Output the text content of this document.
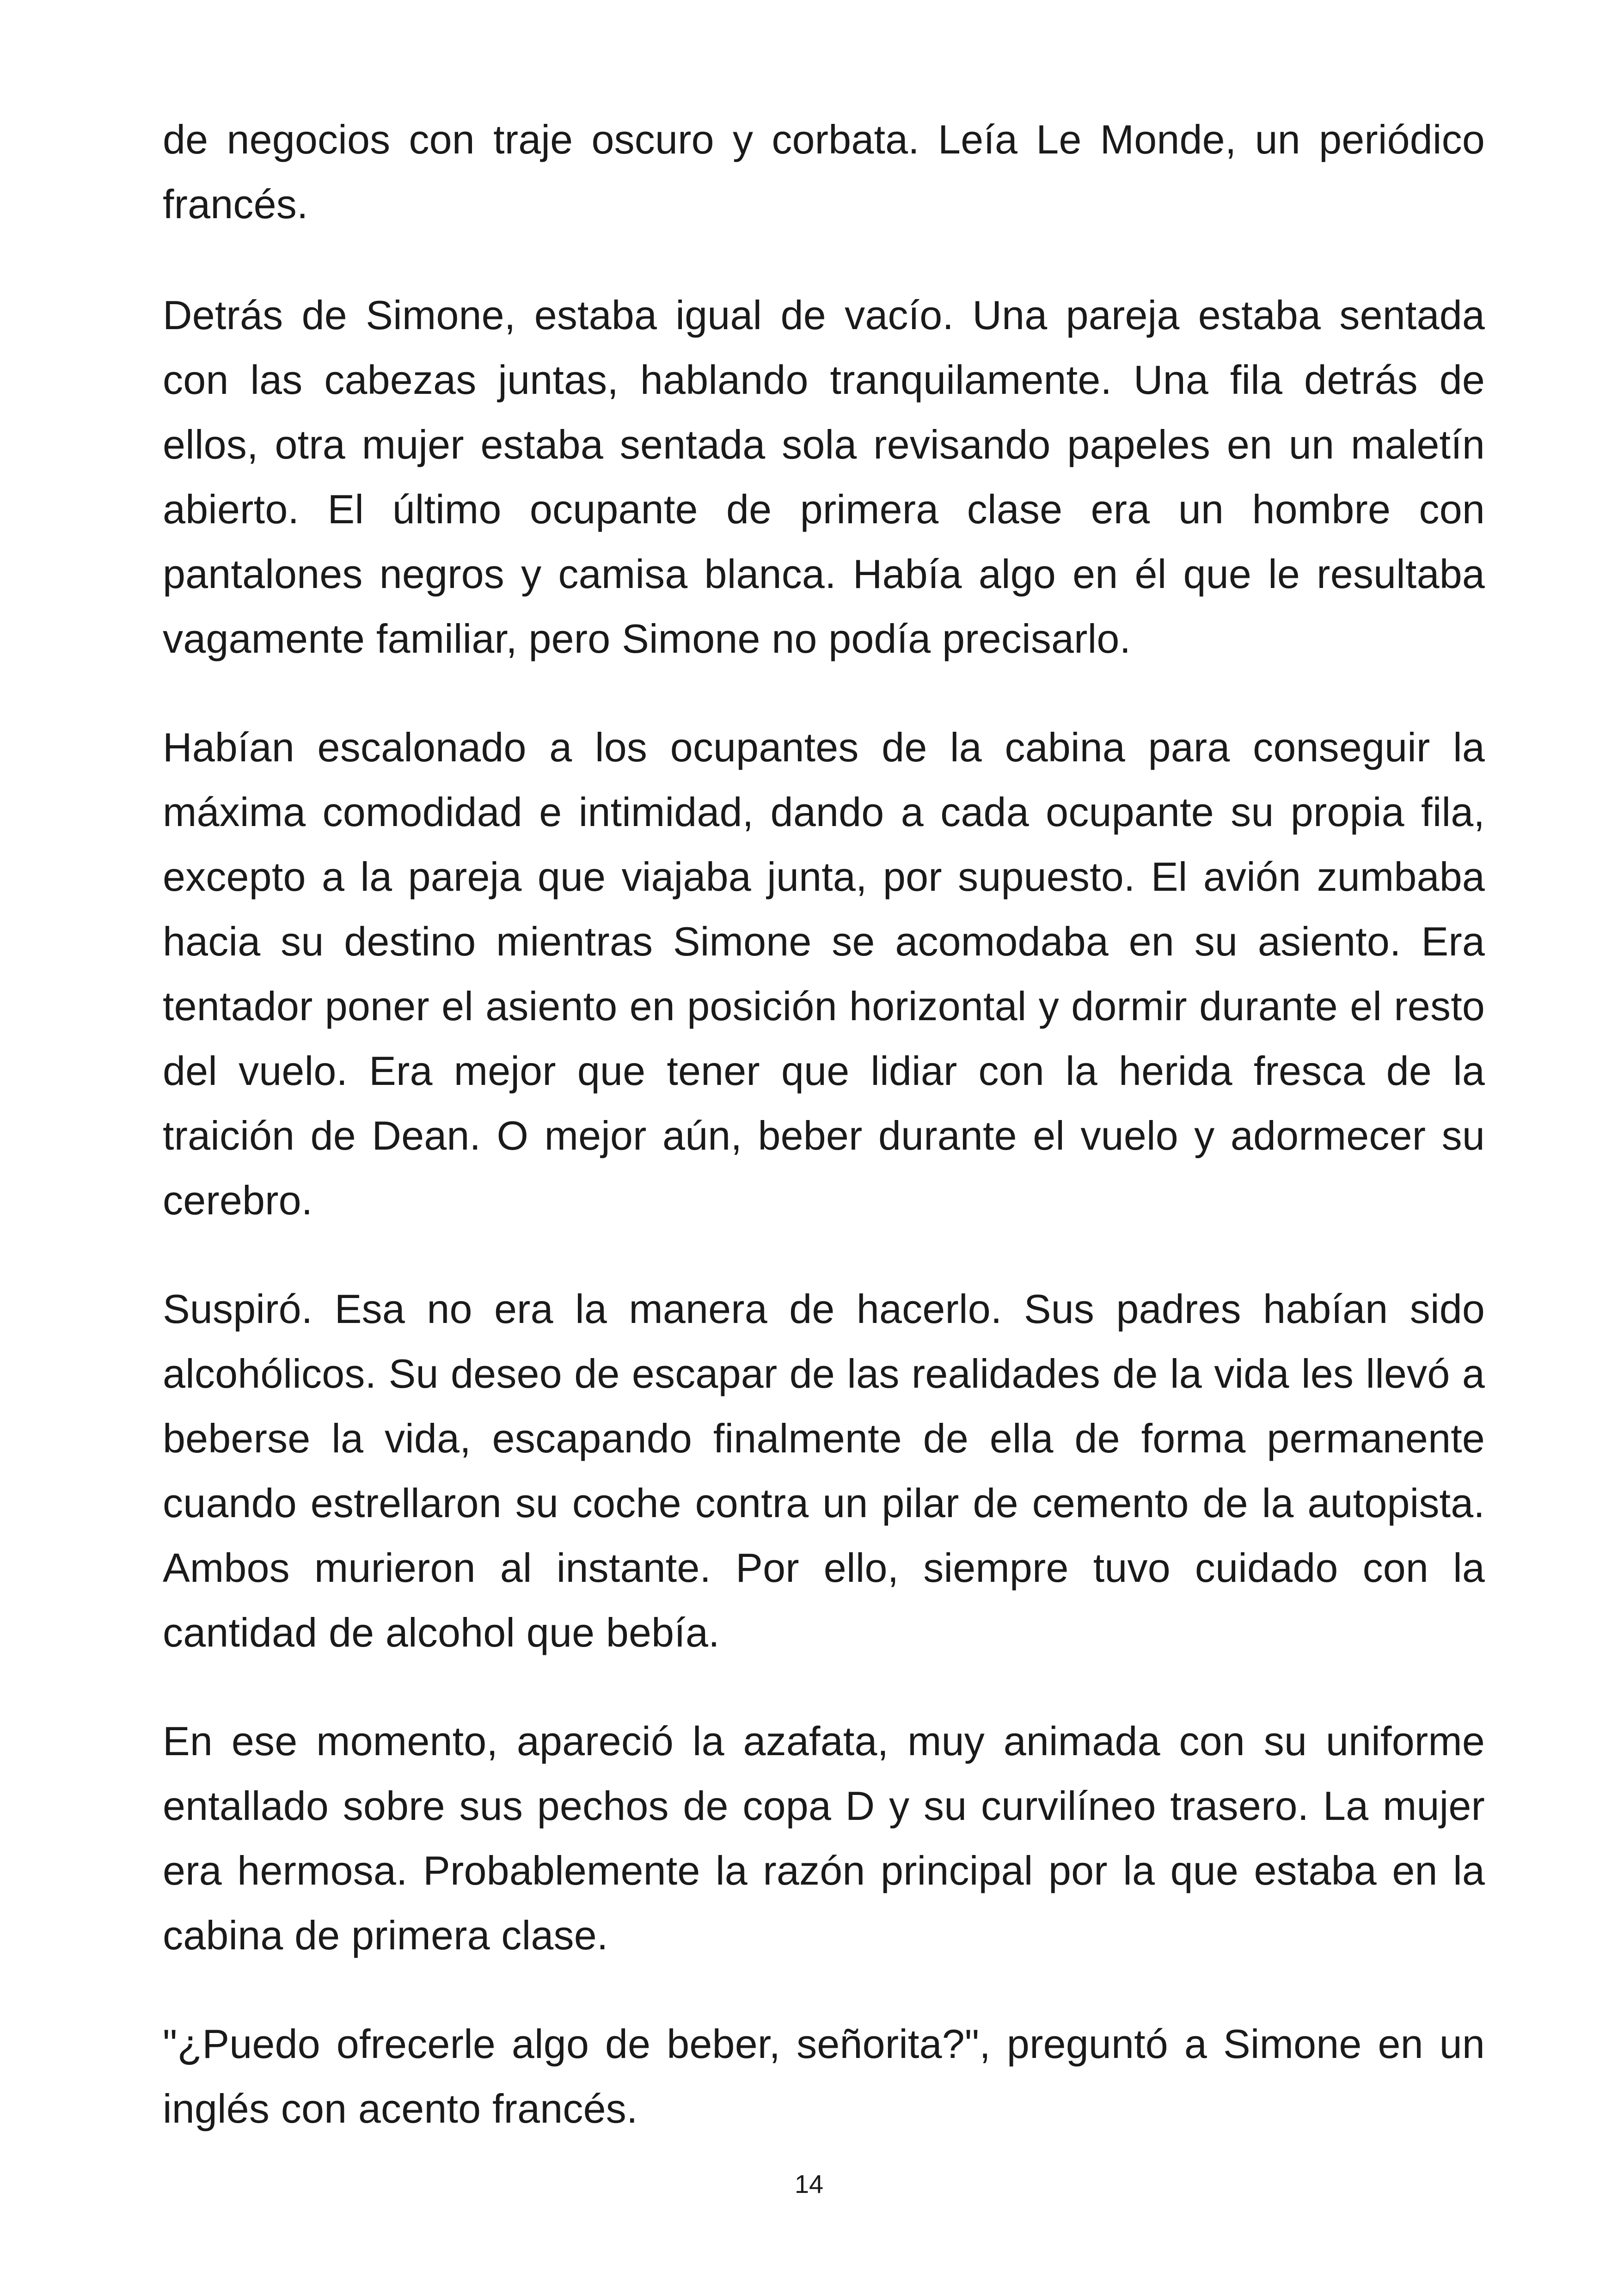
de negocios con traje oscuro y corbata. Leía Le Monde, un periódico francés.

Detrás de Simone, estaba igual de vacío. Una pareja estaba sentada con las cabezas juntas, hablando tranquilamente. Una fila detrás de ellos, otra mujer estaba sentada sola revisando papeles en un maletín abierto. El último ocupante de primera clase era un hombre con pantalones negros y camisa blanca. Había algo en él que le resultaba vagamente familiar, pero Simone no podía precisarlo.

Habían escalonado a los ocupantes de la cabina para conseguir la máxima comodidad e intimidad, dando a cada ocupante su propia fila, excepto a la pareja que viajaba junta, por supuesto. El avión zumbaba hacia su destino mientras Simone se acomodaba en su asiento. Era tentador poner el asiento en posición horizontal y dormir durante el resto del vuelo. Era mejor que tener que lidiar con la herida fresca de la traición de Dean. O mejor aún, beber durante el vuelo y adormecer su cerebro.

Suspiró. Esa no era la manera de hacerlo. Sus padres habían sido alcohólicos. Su deseo de escapar de las realidades de la vida les llevó a beberse la vida, escapando finalmente de ella de forma permanente cuando estrellaron su coche contra un pilar de cemento de la autopista. Ambos murieron al instante. Por ello, siempre tuvo cuidado con la cantidad de alcohol que bebía.

En ese momento, apareció la azafata, muy animada con su uniforme entallado sobre sus pechos de copa D y su curvilíneo trasero. La mujer era hermosa. Probablemente la razón principal por la que estaba en la cabina de primera clase.

"¿Puedo ofrecerle algo de beber, señorita?", preguntó a Simone en un inglés con acento francés.

14
